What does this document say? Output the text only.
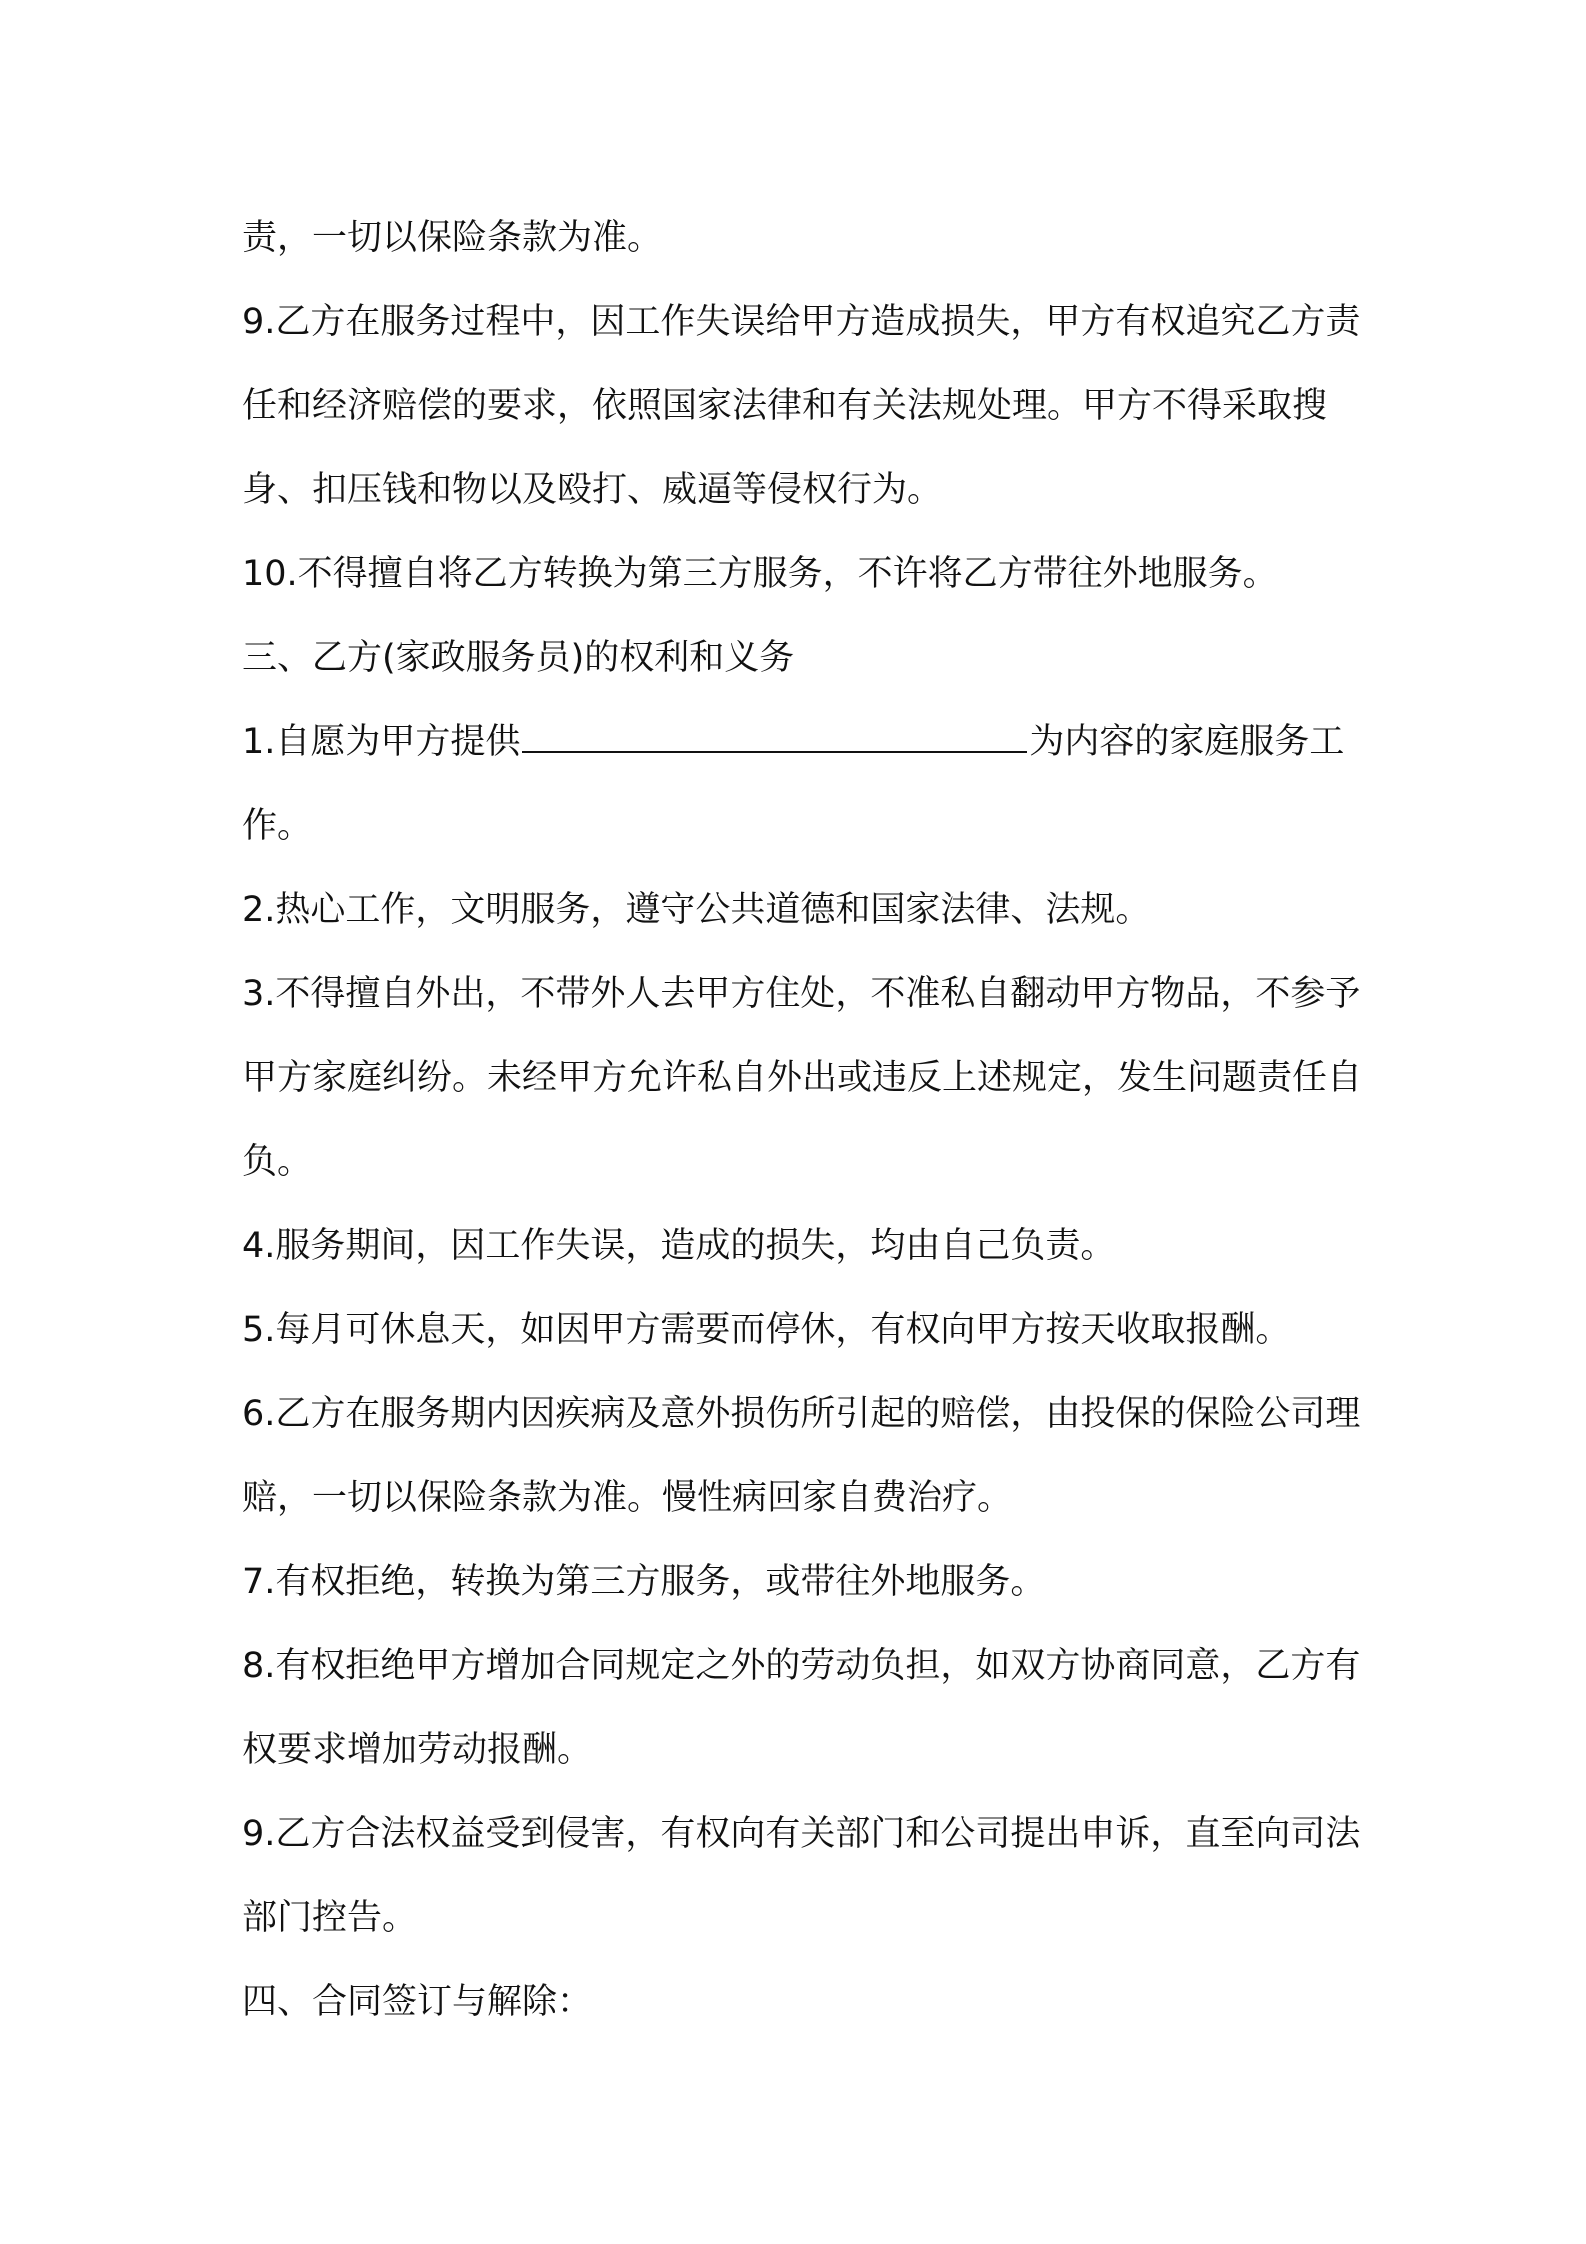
责，一切以保险条款为准。

9.乙方在服务过程中，因工作失误给甲方造成损失，甲方有权追究乙方责任和经济赔偿的要求，依照国家法律和有关法规处理。甲方不得采取搜身、扣压钱和物以及殴打、威逼等侵权行为。

10.不得擅自将乙方转换为第三方服务，不许将乙方带往外地服务。

三、乙方(家政服务员)的权利和义务

1.自愿为甲方提供	为内容的家庭服务工作。

2.热心工作，文明服务，遵守公共道德和国家法律、法规。

3.不得擅自外出，不带外人去甲方住处，不准私自翻动甲方物品，不参予甲方家庭纠纷。未经甲方允许私自外出或违反上述规定，发生问题责任自负。

4.服务期间，因工作失误，造成的损失，均由自己负责。

5.每月可休息天，如因甲方需要而停休，有权向甲方按天收取报酬。

6.乙方在服务期内因疾病及意外损伤所引起的赔偿，由投保的保险公司理赔，一切以保险条款为准。慢性病回家自费治疗。

7.有权拒绝，转换为第三方服务，或带往外地服务。

8.有权拒绝甲方增加合同规定之外的劳动负担，如双方协商同意，乙方有权要求增加劳动报酬。

9.乙方合法权益受到侵害，有权向有关部门和公司提出申诉，直至向司法部门控告。

四、合同签订与解除：
